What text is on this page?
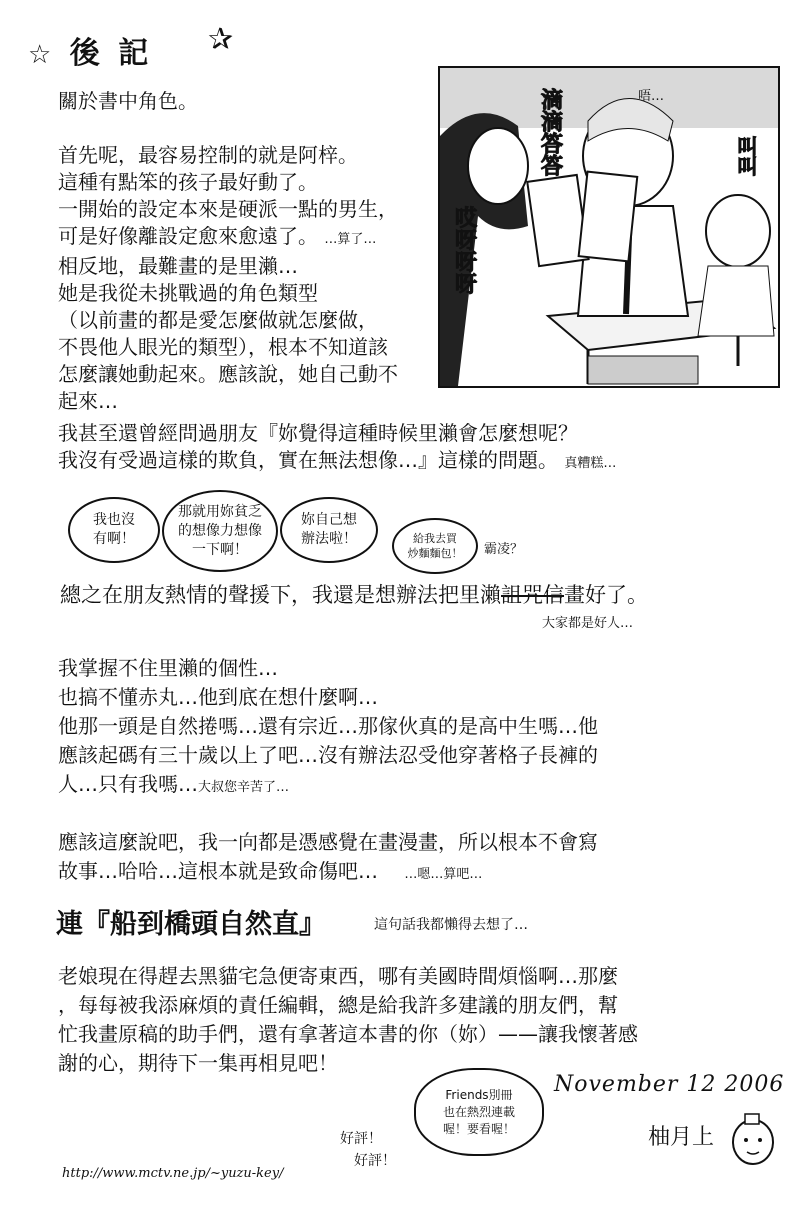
☆ 後 記 ✰
關於書中角色。
首先呢，最容易控制的就是阿梓。
這種有點笨的孩子最好動了。
一開始的設定本來是硬派一點的男生，
可是好像離設定愈來愈遠了。 …算了…
相反地，最難畫的是里瀨…
她是我從未挑戰過的角色類型
（以前畫的都是愛怎麼做就怎麼做，
不畏他人眼光的類型），根本不知道該
怎麼讓她動起來。應該說，她自己動不
起來…
唔…
滴滴答答	叫叫
哎呀呀呀
我甚至還曾經問過朋友『妳覺得這種時候里瀨會怎麼想呢？
我沒有受過這樣的欺負，實在無法想像…』這樣的問題。 真糟糕…
我也沒
有啊！
那就用妳貧乏
的想像力想像
一下啊！
妳自己想
辦法啦！	給我去買
炒麵麵包！ 霸凌？
總之在朋友熱情的聲援下，我還是想辦法把里瀨詛咒信畫好了。
大家都是好人…
我掌握不住里瀨的個性…
也搞不懂赤丸…他到底在想什麼啊…
他那一頭是自然捲嗎…還有宗近…那傢伙真的是高中生嗎…他
應該起碼有三十歲以上了吧…沒有辦法忍受他穿著格子長褲的
人…只有我嗎…大叔您辛苦了…
應該這麼說吧，我一向都是憑感覺在畫漫畫，所以根本不會寫
故事…哈哈…這根本就是致命傷吧… …嗯…算吧…
連『船到橋頭自然直』	這句話我都懶得去想了…
老娘現在得趕去黑貓宅急便寄東西，哪有美國時間煩惱啊…那麼
，每每被我添麻煩的責任編輯，總是給我許多建議的朋友們，幫
忙我畫原稿的助手們，還有拿著這本書的你（妳）——讓我懷著感
謝的心，期待下一集再相見吧！
Friends別冊
也在熱烈連載
喔！要看喔！
好評！
好評！
November 12 2006
柚月上
http://www.mctv.ne.jp/~yuzu-key/
